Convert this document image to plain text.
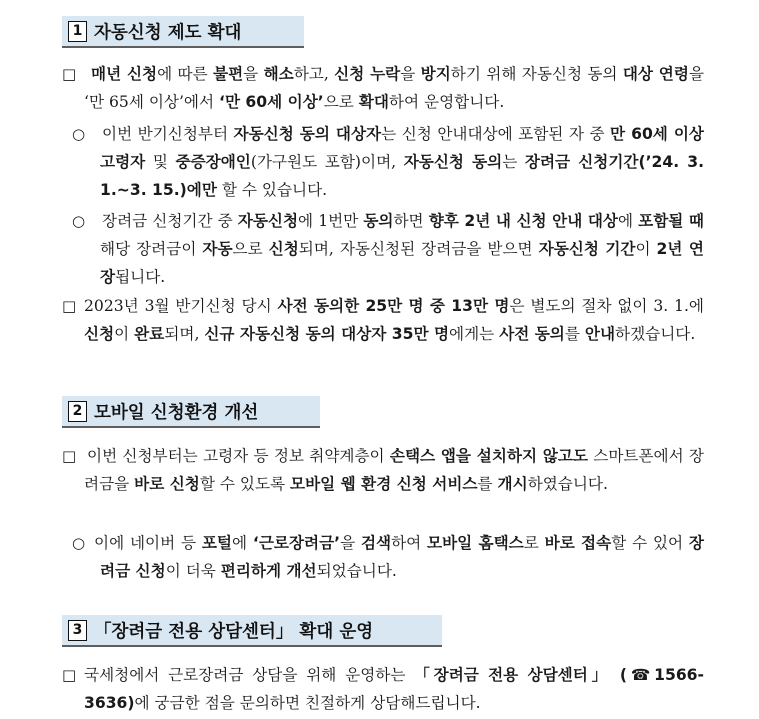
1 자동신청 제도 확대
□ 매년 신청에 따른 불편을 해소하고, 신청 누락을 방지하기 위해 자동신청 동의 대상 연령을 ‘만 65세 이상’에서 ‘만 60세 이상’으로 확대하여 운영합니다.
○ 이번 반기신청부터 자동신청 동의 대상자는 신청 안내대상에 포함된 자 중 만 60세 이상 고령자 및 중증장애인(가구원도 포함)이며, 자동신청 동의는 장려금 신청기간(’24. 3. 1.~3. 15.)에만 할 수 있습니다.
○ 장려금 신청기간 중 자동신청에 1번만 동의하면 향후 2년 내 신청 안내 대상에 포함될 때 해당 장려금이 자동으로 신청되며, 자동신청된 장려금을 받으면 자동신청 기간이 2년 연장됩니다.
□ 2023년 3월 반기신청 당시 사전 동의한 25만 명 중 13만 명은 별도의 절차 없이 3. 1.에 신청이 완료되며, 신규 자동신청 동의 대상자 35만 명에게는 사전 동의를 안내하겠습니다.
2 모바일 신청환경 개선
□ 이번 신청부터는 고령자 등 정보 취약계층이 손택스 앱을 설치하지 않고도 스마트폰에서 장려금을 바로 신청할 수 있도록 모바일 웹 환경 신청 서비스를 개시하였습니다.
○ 이에 네이버 등 포털에 ‘근로장려금’을 검색하여 모바일 홈택스로 바로 접속할 수 있어 장려금 신청이 더욱 편리하게 개선되었습니다.
3 「장려금 전용 상담센터」 확대 운영
□ 국세청에서 근로장려금 상담을 위해 운영하는 「장려금 전용 상담센터」 (☎1566-3636)에 궁금한 점을 문의하면 친절하게 상담해드립니다.
